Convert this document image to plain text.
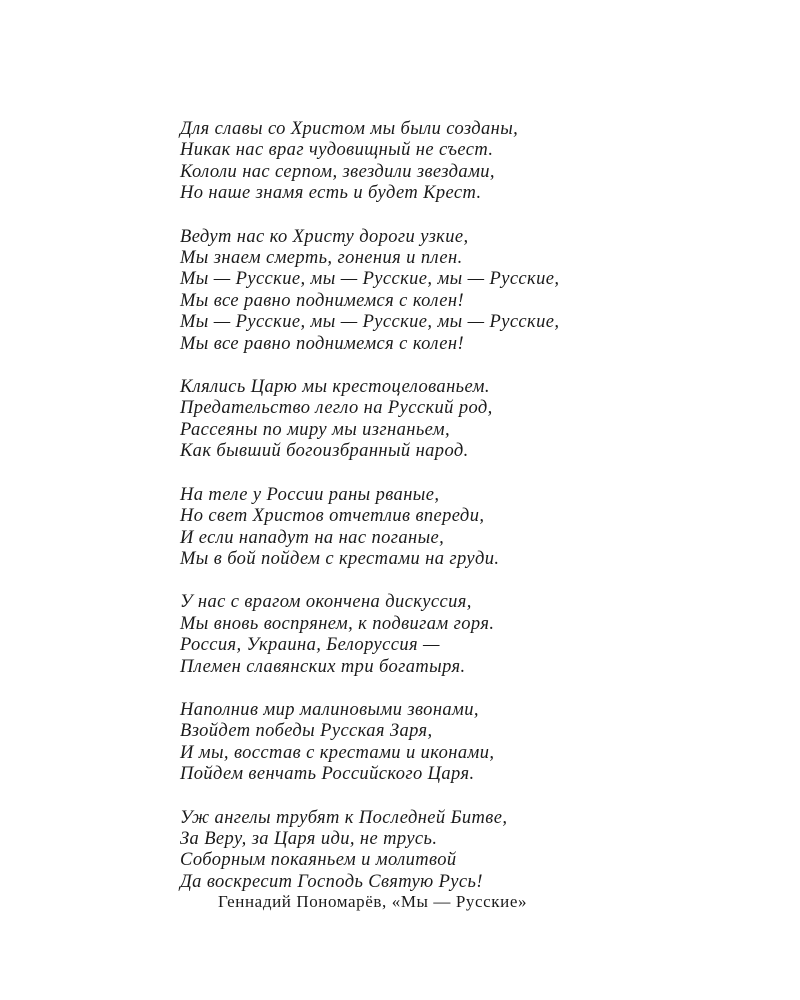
Для славы со Христом мы были созданы,
Никак нас враг чудовищный не съест.
Кололи нас серпом, звездили звездами,
Но наше знамя есть и будет Крест.
Ведут нас ко Христу дороги узкие,
Мы знаем смерть, гонения и плен.
Мы — Русские, мы — Русские, мы — Русские,
Мы все равно поднимемся с колен!
Мы — Русские, мы — Русские, мы — Русские,
Мы все равно поднимемся с колен!
Клялись Царю мы крестоцелованьем.
Предательство легло на Русский род,
Рассеяны по миру мы изгнаньем,
Как бывший богоизбранный народ.
На теле у России раны рваные,
Но свет Христов отчетлив впереди,
И если нападут на нас поганые,
Мы в бой пойдем с крестами на груди.
У нас с врагом окончена дискуссия,
Мы вновь воспрянем, к подвигам горя.
Россия, Украина, Белоруссия —
Племен славянских три богатыря.
Наполнив мир малиновыми звонами,
Взойдет победы Русская Заря,
И мы, восстав с крестами и иконами,
Пойдем венчать Российского Царя.
Уж ангелы трубят к Последней Битве,
За Веру, за Царя иди, не трусь.
Соборным покаяньем и молитвой
Да воскресит Господь Святую Русь!
Геннадий Пономарёв, «Мы — Русские»
